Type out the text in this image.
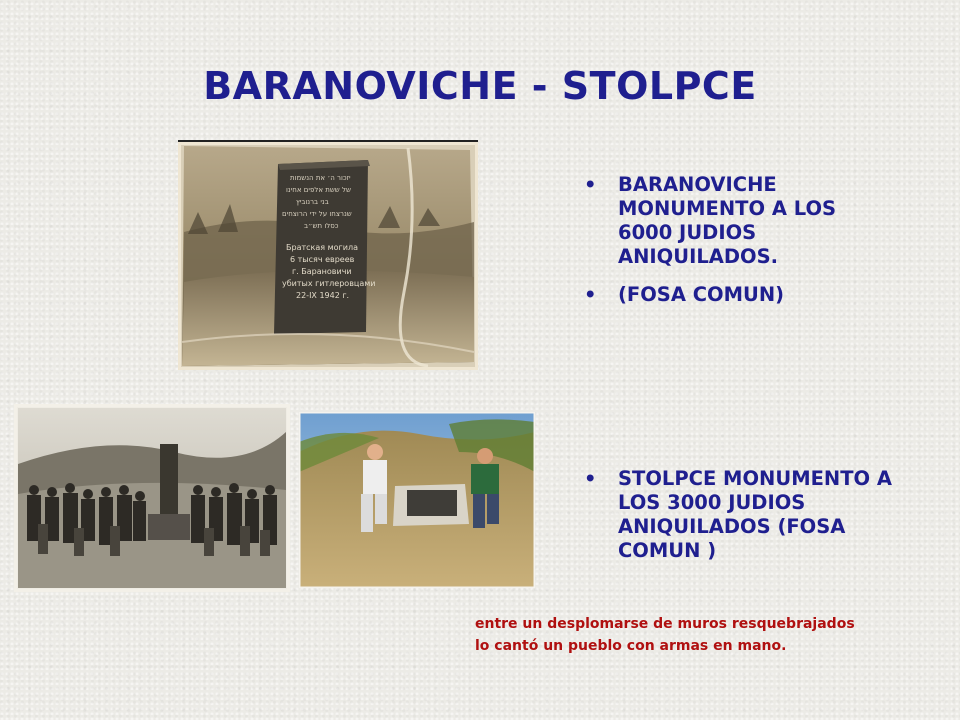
BARANOVICHE - STOLPCE
יזכור ה׳ את הנשמות
של ששת אלפים אחינו
בני ברנוביץ
שנרצחו על ידי הרוצחים
כסלו תש״ב
Братская могила
6 тысяч евреев
г. Барановичи
убитых гитлеровцами
22-IX 1942 г.
• BARANOVICHE MONUMENTO A LOS 6000 JUDIOS ANIQUILADOS.
• (FOSA COMUN)
• STOLPCE MONUMENTO A LOS 3000 JUDIOS ANIQUILADOS (FOSA COMUN )

entre un desplomarse de muros resquebrajados

lo cantó un pueblo con armas en mano.
